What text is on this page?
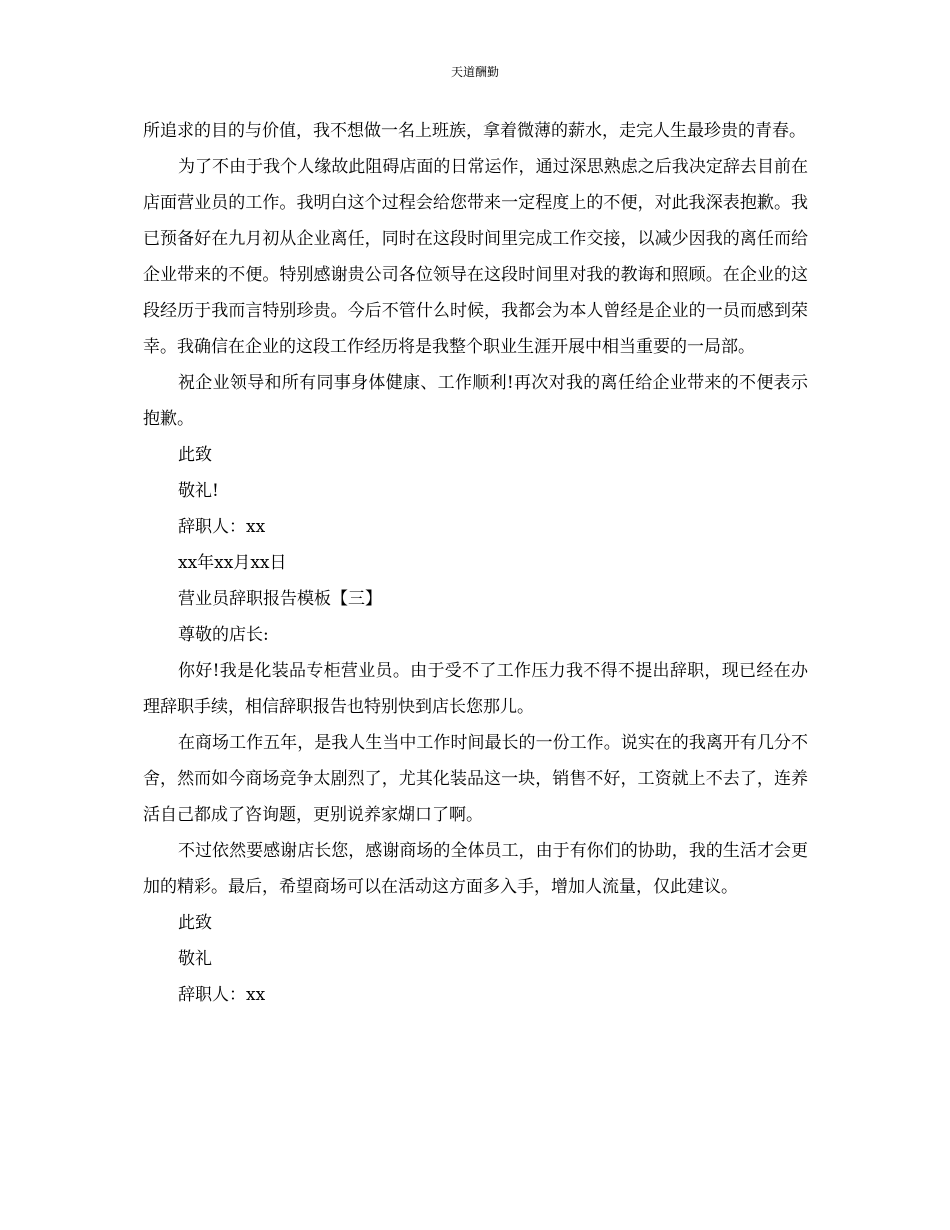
天道酬勤

所追求的目的与价值，我不想做一名上班族，拿着微薄的薪水，走完人生最珍贵的青春。

为了不由于我个人缘故此阻碍店面的日常运作，通过深思熟虑之后我决定辞去目前在店面营业员的工作。我明白这个过程会给您带来一定程度上的不便，对此我深表抱歉。我已预备好在九月初从企业离任，同时在这段时间里完成工作交接，以减少因我的离任而给企业带来的不便。特别感谢贵公司各位领导在这段时间里对我的教诲和照顾。在企业的这段经历于我而言特别珍贵。今后不管什么时候，我都会为本人曾经是企业的一员而感到荣幸。我确信在企业的这段工作经历将是我整个职业生涯开展中相当重要的一局部。

祝企业领导和所有同事身体健康、工作顺利!再次对我的离任给企业带来的不便表示抱歉。

此致

敬礼!

辞职人：xx

xx年xx月xx日

营业员辞职报告模板【三】

尊敬的店长:

你好!我是化装品专柜营业员。由于受不了工作压力我不得不提出辞职，现已经在办理辞职手续，相信辞职报告也特别快到店长您那儿。

在商场工作五年，是我人生当中工作时间最长的一份工作。说实在的我离开有几分不舍，然而如今商场竞争太剧烈了，尤其化装品这一块，销售不好，工资就上不去了，连养活自己都成了咨询题，更别说养家煳口了啊。

不过依然要感谢店长您，感谢商场的全体员工，由于有你们的协助，我的生活才会更加的精彩。最后，希望商场可以在活动这方面多入手，增加人流量，仅此建议。

此致

敬礼

辞职人：xx
